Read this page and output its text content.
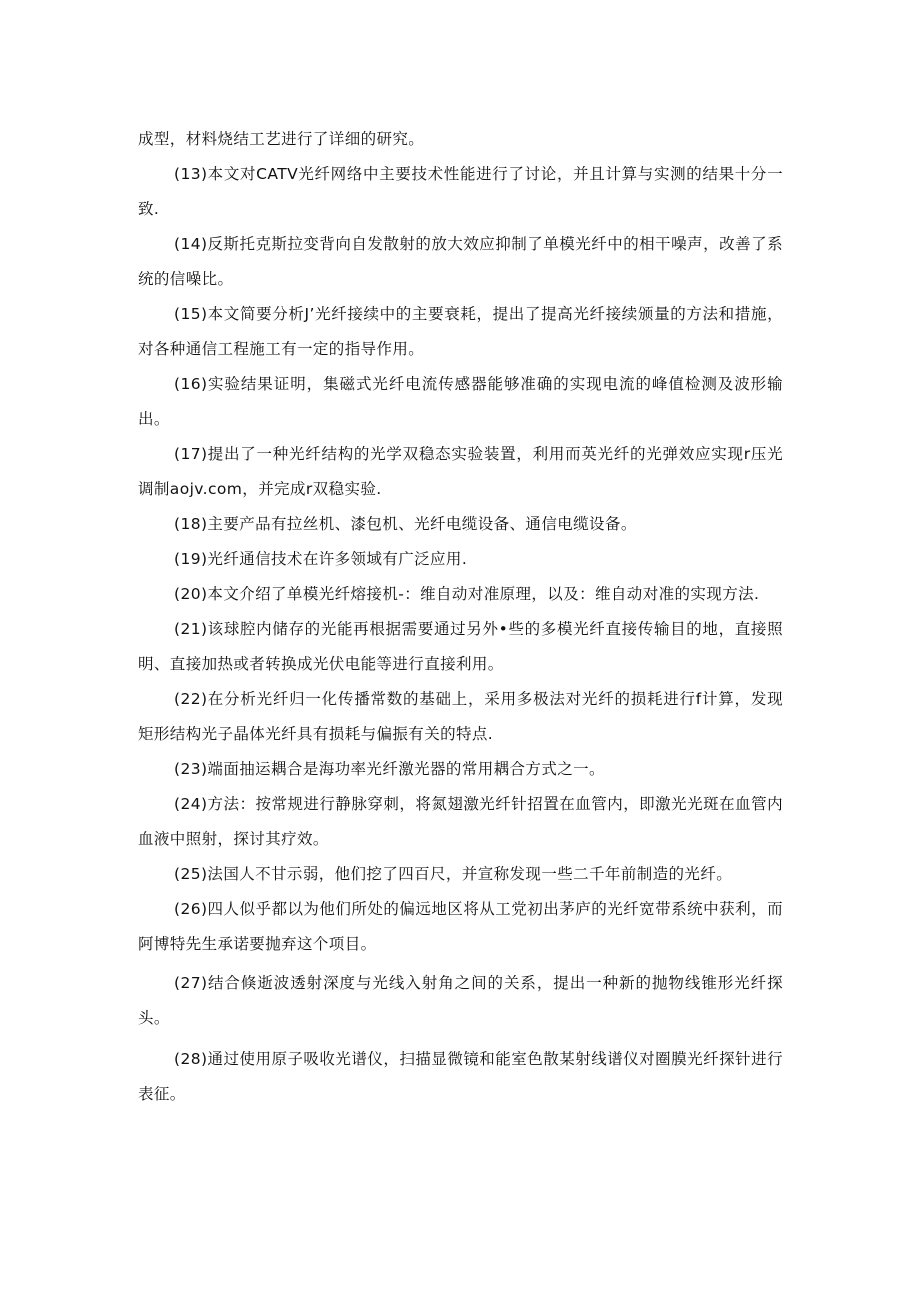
成型，材料烧结工艺进行了详细的研究。

(13)本文对CATV光纤网络中主要技术性能进行了讨论，并且计算与实测的结果十分一致.

(14)反斯托克斯拉变背向自发散射的放大效应抑制了单模光纤中的相干噪声，改善了系统的信噪比。

(15)本文简要分析J’光纤接续中的主要衰耗，提出了提高光纤接续颁量的方法和措施，对各种通信工程施工有一定的指导作用。

(16)实验结果证明，集磁式光纤电流传感器能够准确的实现电流的峰值检测及波形输出。

(17)提出了一种光纤结构的光学双稳态实验装置，利用而英光纤的光弹效应实现r压光调制aojv.com，并完成r双稳实验.

(18)主要产品有拉丝机、漆包机、光纤电缆设备、通信电缆设备。

(19)光纤通信技术在许多领域有广泛应用.

(20)本文介绍了单模光纤熔接机-：维自动对准原理，以及：维自动对准的实现方法.

(21)该球腔内储存的光能再根据需要通过另外•些的多模光纤直接传输目的地，直接照明、直接加热或者转换成光伏电能等进行直接利用。

(22)在分析光纤归一化传播常数的基础上，采用多极法对光纤的损耗进行f计算，发现矩形结构光子晶体光纤具有损耗与偏振有关的特点.

(23)端面抽运耦合是海功率光纤激光器的常用耦合方式之一。

(24)方法：按常规进行静脉穿刺，将氮翅激光纤针招置在血管内，即激光光斑在血管内血液中照射，探讨其疗效。

(25)法国人不甘示弱，他们挖了四百尺，并宣称发现一些二千年前制造的光纤。

(26)四人似乎都以为他们所处的偏远地区将从工党初出茅庐的光纤宽带系统中获利，而阿博特先生承诺要抛弃这个项目。

(27)结合倏逝波透射深度与光线入射角之间的关系，提出一种新的抛物线锥形光纤探头。

(28)通过使用原子吸收光谱仪，扫描显微镜和能室色散某射线谱仪对圈膜光纤探针进行表征。
